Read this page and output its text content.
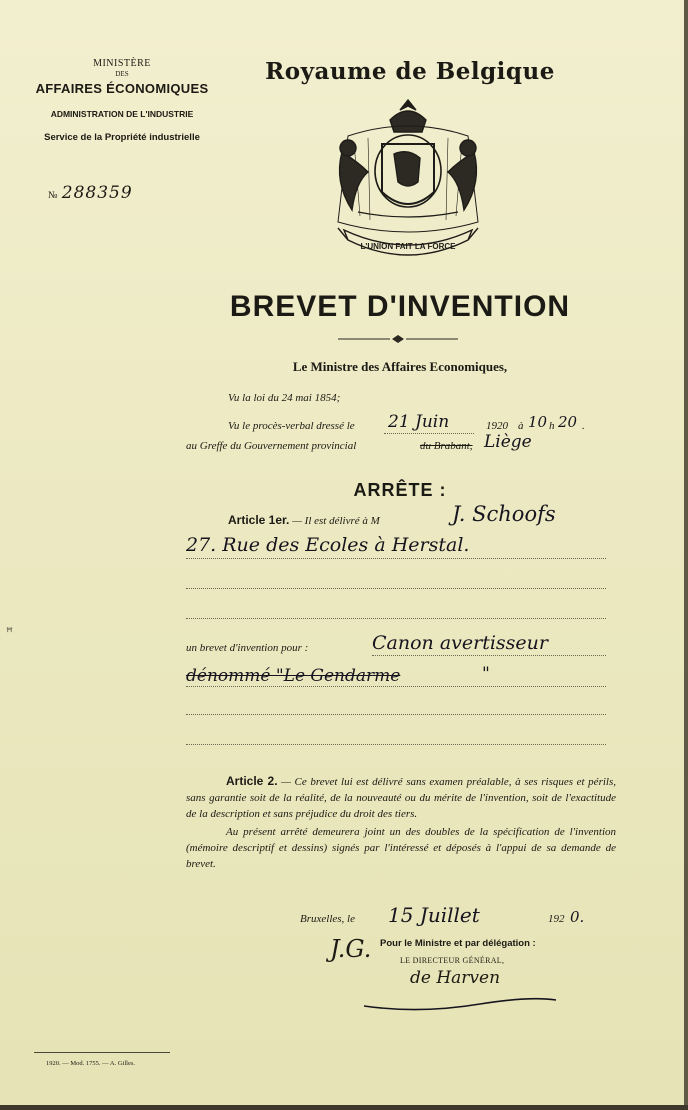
MINISTÈRE
DES
AFFAIRES ÉCONOMIQUES
ADMINISTRATION DE L'INDUSTRIE
Service de la Propriété industrielle
№ 288359
Royaume de Belgique
L'UNION FAIT LA FORCE
BREVET D'INVENTION
Le Ministre des Affaires Economiques,
Vu la loi du 24 mai 1854;
Vu le procès-verbal dressé le 21 Juin	1920 à 10 h 20 .
au Greffe du Gouvernement provincial	du Brabant, Liège
ARRÊTE :
Article 1er. — Il est délivré à M	J. Schoofs
27. Rue des Ecoles à Herstal.
un brevet d'invention pour :	Canon avertisseur
dénommé "Le Gendarme	"

Article 2. — Ce brevet lui est délivré sans examen préalable, à ses risques et périls, sans garantie soit de la réalité, de la nouveauté ou du mérite de l'invention, soit de l'exactitude de la description et sans préjudice du droit des tiers.

Au présent arrêté demeurera joint un des doubles de la spécification de l'invention (mémoire descriptif et dessins) signés par l'intéressé et déposés à l'appui de sa demande de brevet.

Bruxelles, le 15 Juillet	192 0.
J.G. Pour le Ministre et par délégation :
LE DIRECTEUR GÉNÉRAL,
de Harven
1920. — Mod. 1755. — A. Gilles.
ꟸ
